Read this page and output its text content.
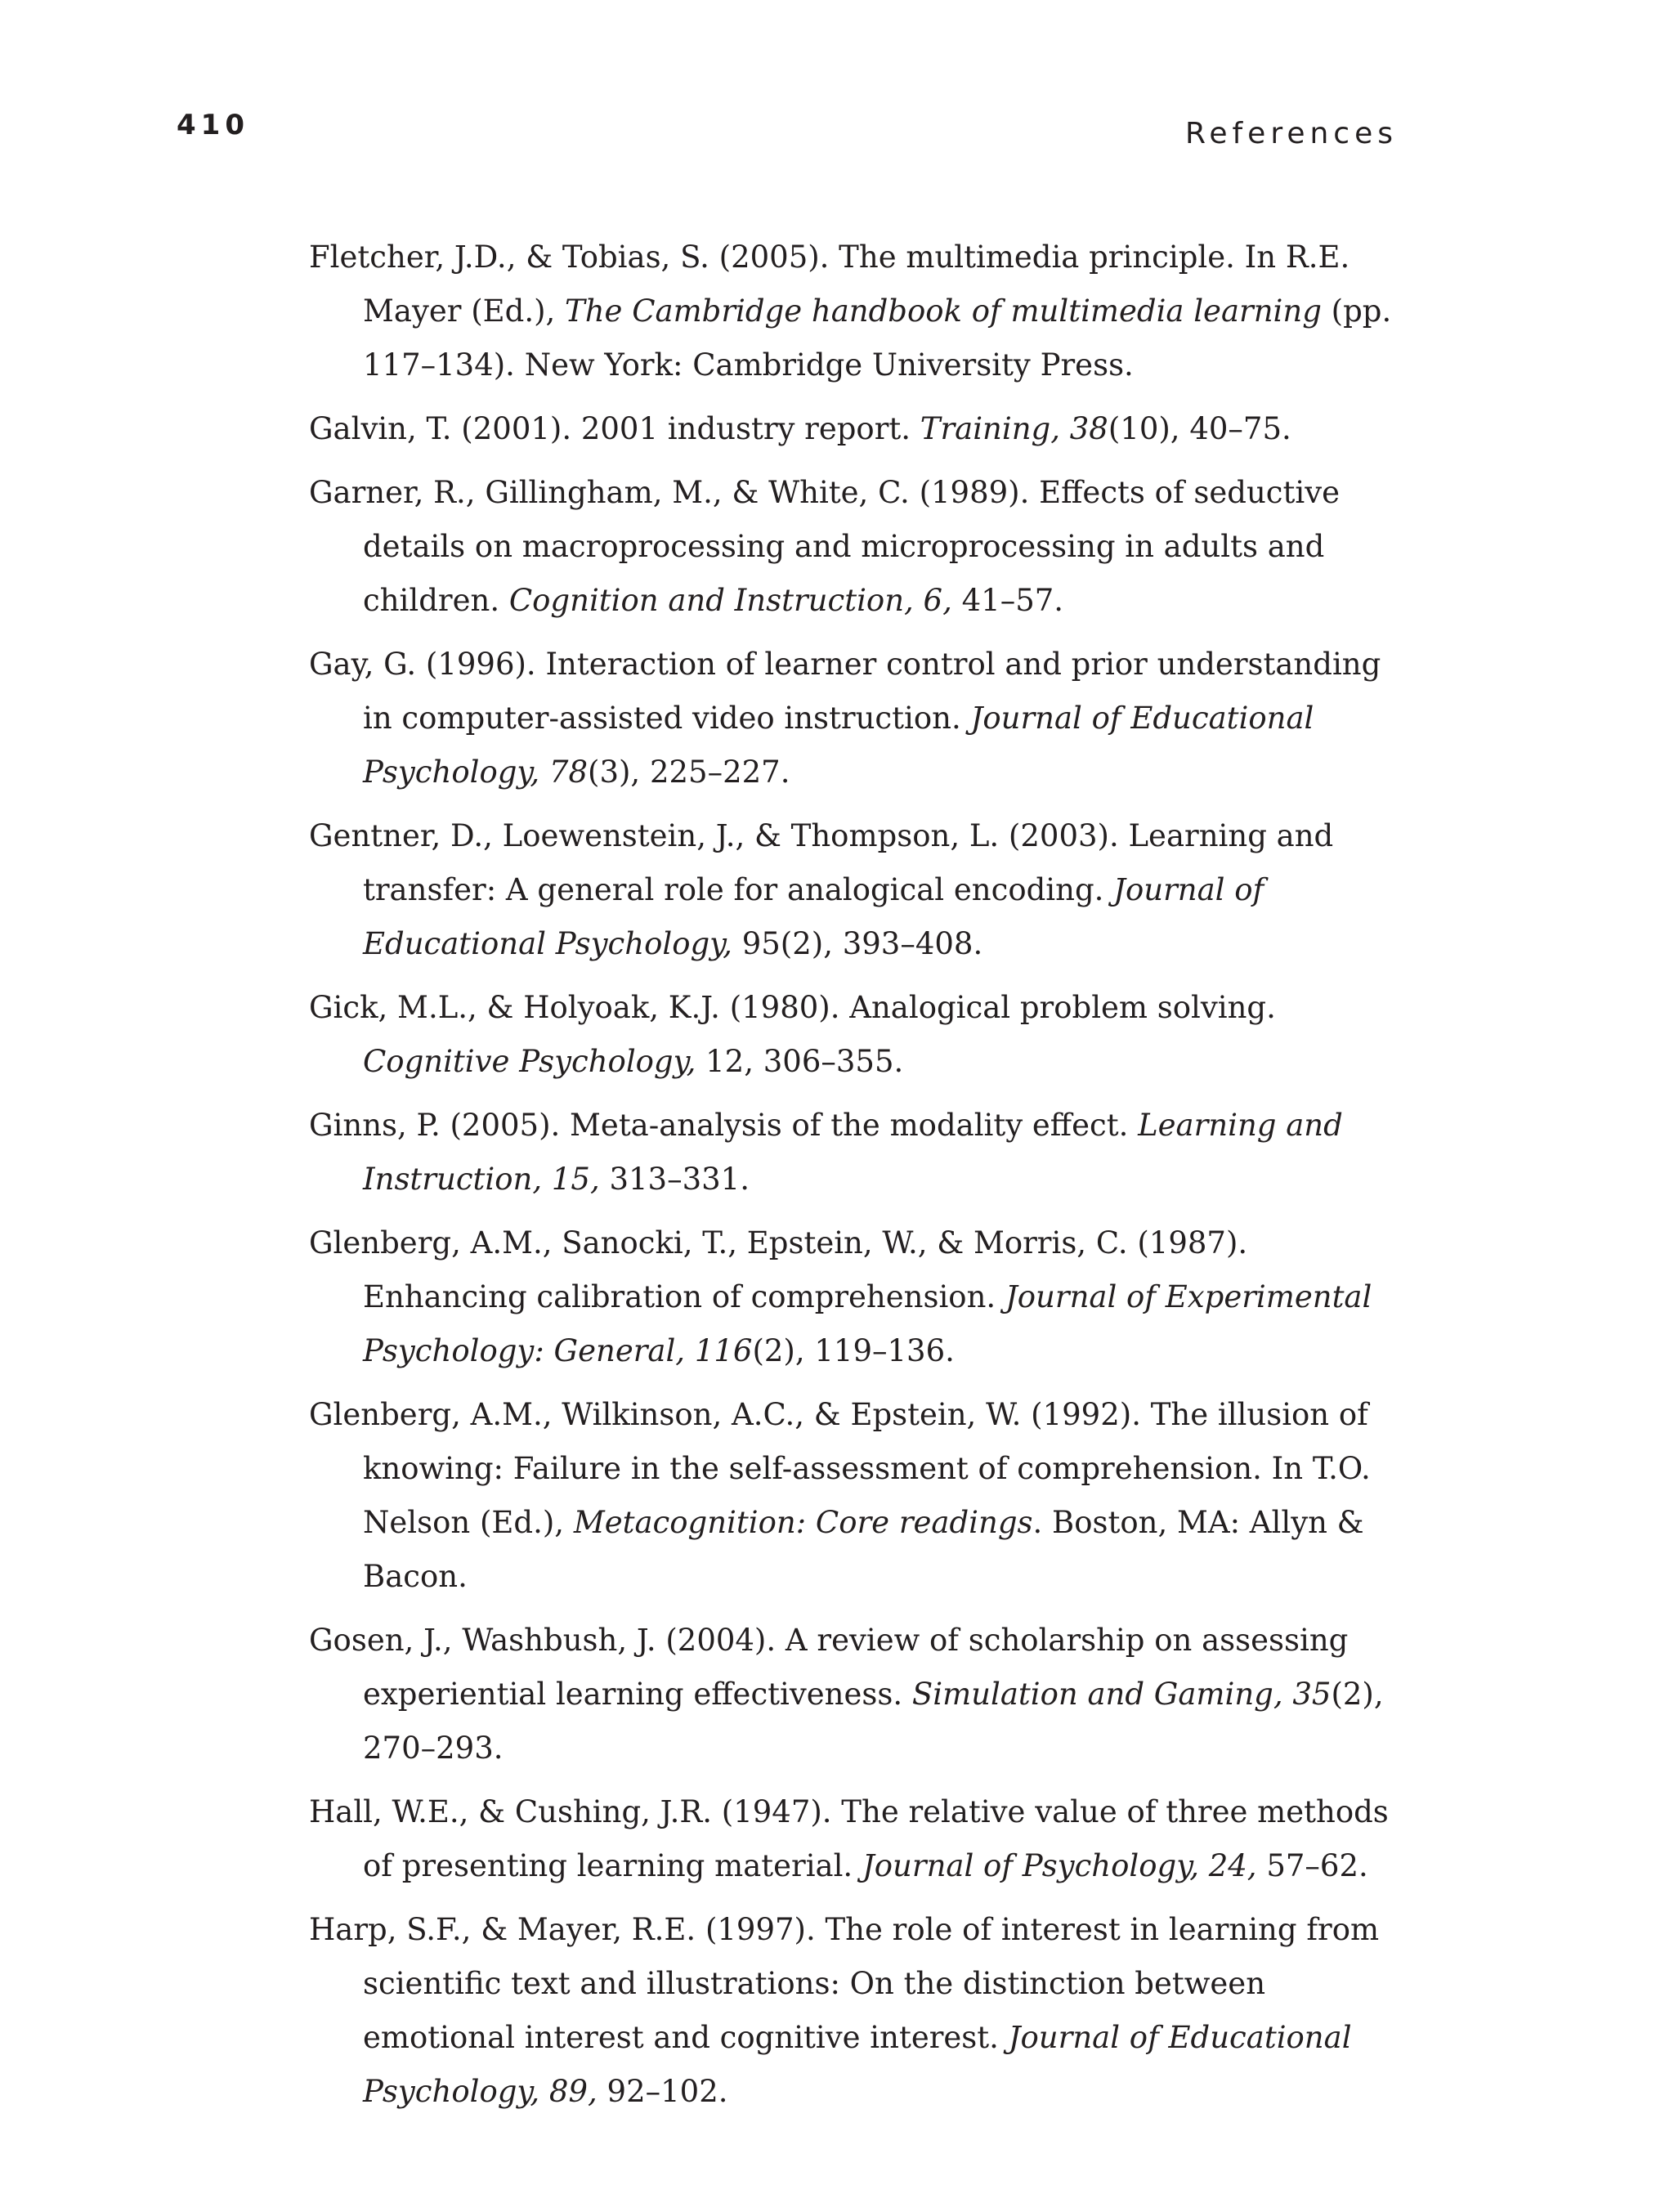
410	References
Fletcher, J.D., & Tobias, S. (2005). The multimedia principle. In R.E. Mayer (Ed.), The Cambridge handbook of multimedia learning (pp. 117–134). New York: Cambridge University Press.
Galvin, T. (2001). 2001 industry report. Training, 38(10), 40–75.
Garner, R., Gillingham, M., & White, C. (1989). Effects of seductive details on macroprocessing and microprocessing in adults and children. Cognition and Instruction, 6, 41–57.
Gay, G. (1996). Interaction of learner control and prior understanding in computer-assisted video instruction. Journal of Educational Psychology, 78(3), 225–227.
Gentner, D., Loewenstein, J., & Thompson, L. (2003). Learning and transfer: A general role for analogical encoding. Journal of Educational Psychology, 95(2), 393–408.
Gick, M.L., & Holyoak, K.J. (1980). Analogical problem solving. Cognitive Psychology, 12, 306–355.
Ginns, P. (2005). Meta-analysis of the modality effect. Learning and Instruction, 15, 313–331.
Glenberg, A.M., Sanocki, T., Epstein, W., & Morris, C. (1987). Enhancing calibration of comprehension. Journal of Experimental Psychology: General, 116(2), 119–136.
Glenberg, A.M., Wilkinson, A.C., & Epstein, W. (1992). The illusion of knowing: Failure in the self-assessment of comprehension. In T.O. Nelson (Ed.), Metacognition: Core readings. Boston, MA: Allyn & Bacon.
Gosen, J., Washbush, J. (2004). A review of scholarship on assessing experiential learning effectiveness. Simulation and Gaming, 35(2), 270–293.
Hall, W.E., & Cushing, J.R. (1947). The relative value of three methods of presenting learning material. Journal of Psychology, 24, 57–62.
Harp, S.F., & Mayer, R.E. (1997). The role of interest in learning from scientific text and illustrations: On the distinction between emotional interest and cognitive interest. Journal of Educational Psychology, 89, 92–102.
